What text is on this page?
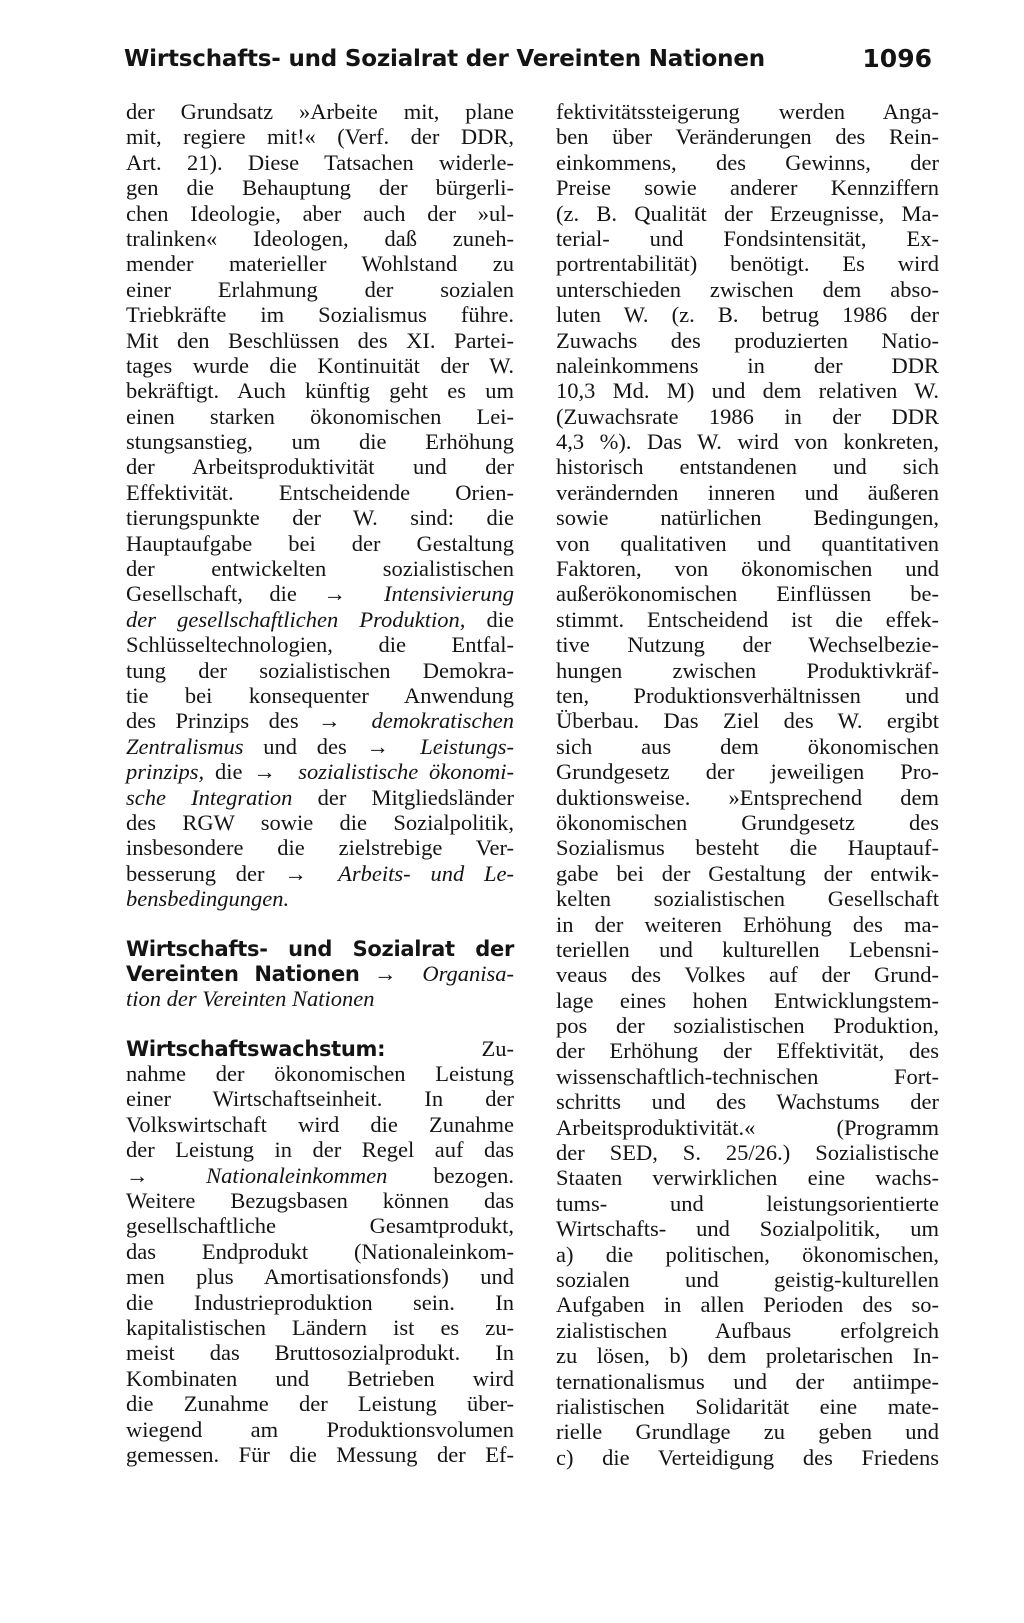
Wirtschafts- und Sozialrat der Vereinten Nationen	1096
der Grundsatz »Arbeite mit, plane
mit, regiere mit!« (Verf. der DDR,
Art. 21). Diese Tatsachen widerle-
gen die Behauptung der bürgerli-
chen Ideologie, aber auch der »ul-
tralinken« Ideologen, daß zuneh-
mender materieller Wohlstand zu
einer Erlahmung der sozialen
Triebkräfte im Sozialismus führe.
Mit den Beschlüssen des XI. Partei-
tages wurde die Kontinuität der W.
bekräftigt. Auch künftig geht es um
einen starken ökonomischen Lei-
stungsanstieg, um die Erhöhung
der Arbeitsproduktivität und der
Effektivität. Entscheidende Orien-
tierungspunkte der W. sind: die
Hauptaufgabe bei der Gestaltung
der entwickelten sozialistischen
Gesellschaft, die → Intensivierung
der gesellschaftlichen Produktion, die
Schlüsseltechnologien, die Entfal-
tung der sozialistischen Demokra-
tie bei konsequenter Anwendung
des Prinzips des → demokratischen
Zentralismus und des → Leistungs-
prinzips, die → sozialistische ökonomi-
sche Integration der Mitgliedsländer
des RGW sowie die Sozialpolitik,
insbesondere die zielstrebige Ver-
besserung der → Arbeits- und Le-
bensbedingungen.
Wirtschafts- und Sozialrat der
Vereinten Nationen → Organisa-
tion der Vereinten Nationen
Wirtschaftswachstum:	Zu-
nahme der ökonomischen Leistung
einer Wirtschaftseinheit. In der
Volkswirtschaft wird die Zunahme
der Leistung in der Regel auf das
→	Nationaleinkommen bezogen.
Weitere Bezugsbasen können das
gesellschaftliche Gesamtprodukt,
das Endprodukt (Nationaleinkom-
men plus Amortisationsfonds) und
die Industrieproduktion sein. In
kapitalistischen Ländern ist es zu-
meist das Bruttosozialprodukt. In
Kombinaten und Betrieben wird
die Zunahme der Leistung über-
wiegend am Produktionsvolumen
gemessen. Für die Messung der Ef-
fektivitätssteigerung werden Anga-
ben über Veränderungen des Rein-
einkommens, des Gewinns, der
Preise sowie anderer Kennziffern
(z. B. Qualität der Erzeugnisse, Ma-
terial- und Fondsintensität, Ex-
portrentabilität) benötigt. Es wird
unterschieden zwischen dem abso-
luten W. (z. B. betrug 1986 der
Zuwachs des produzierten Natio-
naleinkommens in der DDR
10,3 Md. M) und dem relativen W.
(Zuwachsrate 1986 in der DDR
4,3 %). Das W. wird von konkreten,
historisch entstandenen und sich
verändernden inneren und äußeren
sowie natürlichen Bedingungen,
von qualitativen und quantitativen
Faktoren, von ökonomischen und
außerökonomischen Einflüssen be-
stimmt. Entscheidend ist die effek-
tive Nutzung der Wechselbezie-
hungen zwischen Produktivkräf-
ten, Produktionsverhältnissen und
Überbau. Das Ziel des W. ergibt
sich aus dem ökonomischen
Grundgesetz der jeweiligen Pro-
duktionsweise. »Entsprechend dem
ökonomischen Grundgesetz des
Sozialismus besteht die Hauptauf-
gabe bei der Gestaltung der entwik-
kelten sozialistischen Gesellschaft
in der weiteren Erhöhung des ma-
teriellen und kulturellen Lebensni-
veaus des Volkes auf der Grund-
lage eines hohen Entwicklungstem-
pos der sozialistischen Produktion,
der Erhöhung der Effektivität, des
wissenschaftlich-technischen Fort-
schritts und des Wachstums der
Arbeitsproduktivität.« (Programm
der SED, S. 25/26.) Sozialistische
Staaten verwirklichen eine wachs-
tums- und leistungsorientierte
Wirtschafts- und Sozialpolitik, um
a) die politischen, ökonomischen,
sozialen und geistig-kulturellen
Aufgaben in allen Perioden des so-
zialistischen Aufbaus erfolgreich
zu lösen, b) dem proletarischen In-
ternationalismus und der antiimpe-
rialistischen Solidarität eine mate-
rielle Grundlage zu geben und
c) die Verteidigung des Friedens
